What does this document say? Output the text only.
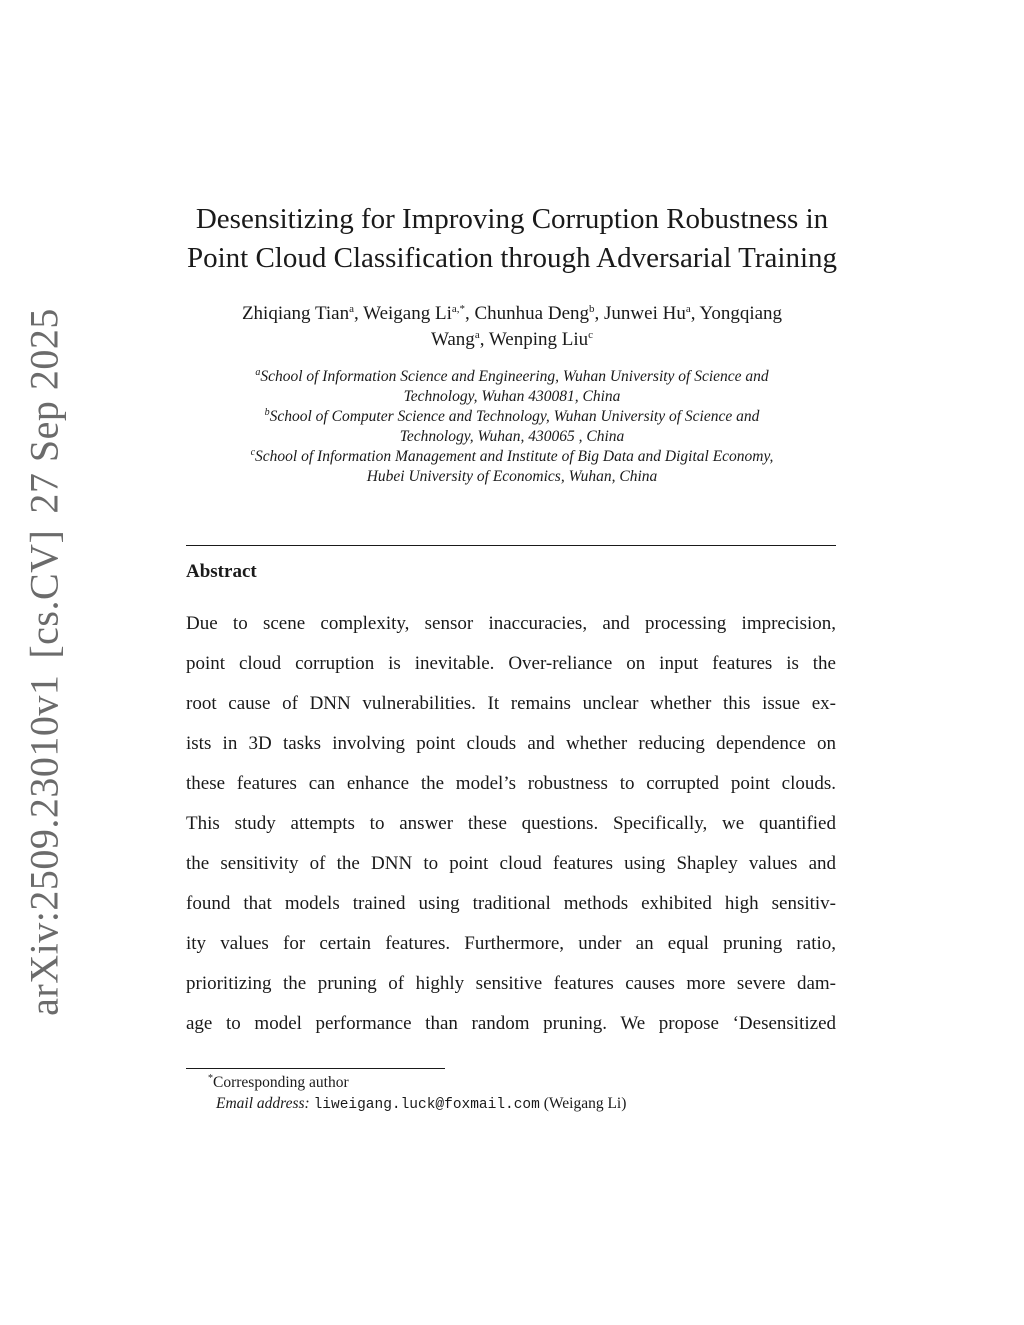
arXiv:2509.23010v1[cs.CV]27 Sep 2025
Desensitizing for Improving Corruption Robustness in
Point Cloud Classification through Adversarial Training
Zhiqiang Tian$^a$, Weigang $Li^{a,*}$, Chunhua Deng$^b$, Junwei Hu$^a$, Yongqiang
Wang$^a$, Wenping Liu$^c$
$^a$School of Information Science and Engineering, Wuhan University of Science and
Technology, Wuhan 430081, China
$^b$School of Computer Science and Technology, Wuhan University of Science and
Technology, Wuhan, 430065 , China
$^c$School of Information Management and Institute of Big Data and Digital Economy,
Hubei University of Economics, Wuhan, China
Abstract
Due to scene complexity, sensor inaccuracies, and processing imprecision,
point cloud corruption is inevitable. Over-reliance on input features is the
root cause of DNN vulnerabilities. It remains unclear whether this issue ex-
ists in 3D tasks involving point clouds and whether reducing dependence on
these features can enhance the model’s robustness to corrupted point clouds.
This study attempts to answer these questions. Specifically, we quantified
the sensitivity of the DNN to point cloud features using Shapley values and
found that models trained using traditional methods exhibited high sensitiv-
ity values for certain features. Furthermore, under an equal pruning ratio,
prioritizing the pruning of highly sensitive features causes more severe dam-
age to model performance than random pruning. We propose ‘Desensitized
*Corresponding author
Email address: liweigang.luck@foxmail.com (Weigang Li)
